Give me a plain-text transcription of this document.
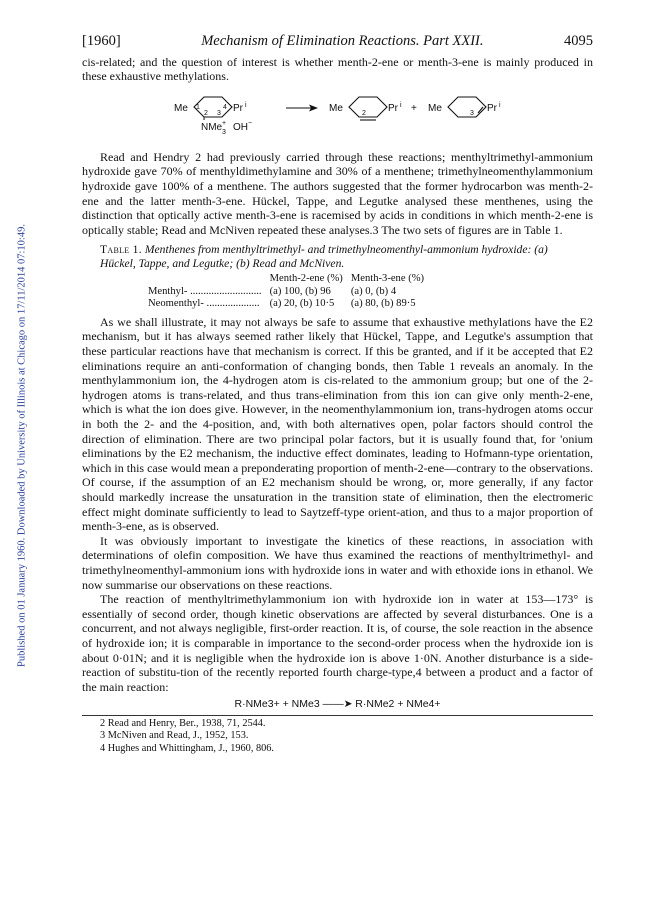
Published on 01 January 1960. Downloaded by University of Illinois at Chicago on 17/11/2014 07:10:49.
[1960]	Mechanism of Elimination Reactions. Part XXII.	4095

cis-related; and the question of interest is whether menth-2-ene or menth-3-ene is mainly produced in these exhaustive methylations.

Me 1	4
2 3 Pr i
NMe 3
+ OH −
Me	2 Pr i + Me	3 Pr i

Read and Hendry 2 had previously carried through these reactions; menthyltrimethyl-ammonium hydroxide gave 70% of menthyldimethylamine and 30% of a menthene; trimethylneomenthylammonium hydroxide gave 100% of a menthene. The authors suggested that the former hydrocarbon was menth-2-ene and the latter menth-3-ene. Hückel, Tappe, and Legutke analysed these menthenes, using the distinction that optically active menth-3-ene is racemised by acids in conditions in which menth-2-ene is optically stable; Read and McNiven repeated these analyses.3 The two sets of figures are in Table 1.

Table 1. Menthenes from menthyltrimethyl- and trimethylneomenthyl-ammonium hydroxide: (a) Hückel, Tappe, and Legutke; (b) Read and McNiven.
	Menth-2-ene (%)	Menth-3-ene (%)
Menthyl- ...........................	(a) 100, (b) 96	(a) 0, (b) 4
Neomenthyl- ....................	(a) 20, (b) 10·5	(a) 80, (b) 89·5

As we shall illustrate, it may not always be safe to assume that exhaustive methylations have the E2 mechanism, but it has always seemed rather likely that Hückel, Tappe, and Legutke's assumption that these particular reactions have that mechanism is correct. If this be granted, and if it be accepted that E2 eliminations require an anti-conformation of changing bonds, then Table 1 reveals an anomaly. In the menthylammonium ion, the 4-hydrogen atom is cis-related to the ammonium group; but one of the 2-hydrogen atoms is trans-related, and thus trans-elimination from this ion can give only menth-2-ene, which is what the ion does give. However, in the neomenthylammonium ion, trans-hydrogen atoms occur in both the 2- and the 4-position, and, with both alternatives open, polar factors should control the direction of elimination. There are two principal polar factors, but it is usually found that, for 'onium eliminations by the E2 mechanism, the inductive effect dominates, leading to Hofmann-type orientation, which in this case would mean a preponderating proportion of menth-2-ene—contrary to the observations. Of course, if the assumption of an E2 mechanism should be wrong, or, more generally, if any factor should markedly increase the unsaturation in the transition state of elimination, then the electromeric effect might dominate sufficiently to lead to Saytzeff-type orient-ation, and thus to a major proportion of menth-3-ene, as is observed.

It was obviously important to investigate the kinetics of these reactions, in association with determinations of olefin composition. We have thus examined the reactions of menthyltrimethyl- and trimethylneomenthyl-ammonium ions with hydroxide ions in water and with ethoxide ions in ethanol. We now summarise our observations on these reactions.

The reaction of menthyltrimethylammonium ion with hydroxide ion in water at 153—173° is essentially of second order, though kinetic observations are affected by several disturbances. One is a concurrent, and not always negligible, first-order reaction. It is, of course, the sole reaction in the absence of hydroxide ion; it is comparable in importance to the second-order process when the hydroxide ion is about 0·01N; and it is negligible when the hydroxide ion is above 1·0N. Another disturbance is a side-reaction of substitu-tion of the recently reported fourth charge-type,4 between a product and a factor of the main reaction:

R·NMe3+ + NMe3 ——➤ R·NMe2 + NMe4+
2 Read and Henry, Ber., 1938, 71, 2544.
3 McNiven and Read, J., 1952, 153.
4 Hughes and Whittingham, J., 1960, 806.
